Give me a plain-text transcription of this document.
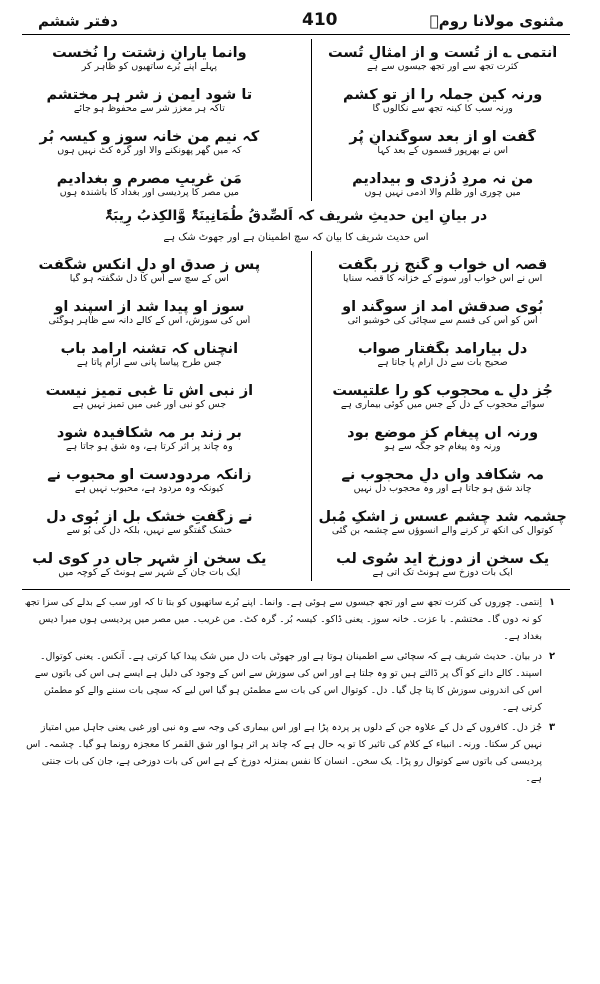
مثنوی مولانا رومؒ
410
دفتر ششم
اُنتمی ؎ از تُست و از امثالِ تُست
وانما یارانِ زشتت را نُخست
کثرت تجھ سے اور تجھ جیسوں سے ہے
پہلے اپنے بُرے ساتھیوں کو ظاہر کر
ورنہ کین جملہ را از تو کشم
تا شود ایمن ز شر ہر مختشم
ورنہ سب کا کینہ تجھ سے نکالوں گا
تاکہ ہر معزز شر سے محفوظ ہو جائے
گفت او از بعد سوگندانِ پُر
کہ نیم من خانہ سوز و کیسہ بُر
اس نے بھرپور قسموں کے بعد کہا
کہ میں گھر پھونکنے والا اور گرہ کٹ نہیں ہوں
من نہ مردِ دُزدی و بیدادیم
مَن غریبِ مصرم و بغدادیم
میں چوری اور ظلم والا آدمی نہیں ہوں
میں مصر کا پردیسی اور بغداد کا باشندہ ہوں
در بیانِ این حدیثِ شریف کہ اَلصِّدقُ طُمَانِینَۃٌ وَّالکِذبُ رِیبَۃٌ
اس حدیث شریف کا بیان کہ سچ اطمینان ہے اور جھوٹ شک ہے
قصہ آں خواب و گنجِ زر بگفت
پس ز صدقِ او دلِ آنکس شگفت
اس نے اس خواب اور سونے کے خزانہ کا قصہ سنایا
اس کے سچ سے اُس کا دل شگفتہ ہو گیا
بُوی صدقش آمد از سوگند او
سوز او پیدا شد از اسپند او
اُس کو اُس کی قسم سے سچائی کی خوشبو آئی
اُس کی سوزش، اس کے کالے دانہ سے ظاہر ہوگئی
دل بیارامد بگفتارِ صواب
آنچناں کہ تشنہ آرامد بآب
صحیح بات سے دل آرام پا جاتا ہے
جس طرح پیاسا پانی سے آرام پاتا ہے
جُز دلِ ؎ محجوب کو را علتیست
از نبی اش تا غبی تمیز نیست
سوائے محجوب کے دل کے جس میں کوئی بیماری ہے
جس کو نبی اور غبی میں تمیز نہیں ہے
ورنہ آں پیغام کز موضع بود
بر زند بر مہ شکافیدہ شود
ورنہ وہ پیغام جو جگہ سے ہو
وہ چاند پر اثر کرتا ہے، وہ شق ہو جاتا ہے
مہ شکافد واں دلِ محجوب نے
زانکہ مردودست او محبوب نے
چاند شق ہو جاتا ہے اور وہ محجوب دل نہیں
کیونکہ وہ مردود ہے، محبوب نہیں ہے
چشمہ شد چشم عسس ز اشکِ مُبل
نے زگفتِ خشک بل از بُوی دل
کوتوال کی آنکھ تر کرنے والے آنسوؤں سے چشمہ بن گئی
خشک گفتگو سے نہیں، بلکہ دل کی بُو سے
یک سخن از دوزخ آید سُوی لب
یک سخن از شہرِ جاں در کوی لب
ایک بات دوزخ سے ہونٹ تک آتی ہے
ایک بات جان کے شہر سے ہونٹ کے کوچہ میں
۱
اِنتمی۔ چوروں کی کثرت تجھ سے اور تجھ جیسوں سے ہوئی ہے۔ وانما۔ اپنے بُرے ساتھیوں کو بتا تا کہ اور سب کے بدلے کی سزا تجھ کو نہ دوں گا۔ مختشم۔ با عزت۔ خانہ سوز۔ یعنی ڈاکو۔ کیسہ بُر۔ گرہ کٹ۔ من غریب۔ میں مصر میں پردیسی ہوں میرا دیس بغداد ہے۔
۲
در بیان۔ حدیث شریف ہے کہ سچائی سے اطمینان ہوتا ہے اور جھوٹی بات دل میں شک پیدا کیا کرتی ہے۔ آنکس۔ یعنی کوتوال۔ اسپند۔ کالے دانے کو آگ پر ڈالتے ہیں تو وہ جلتا ہے اور اس کی سوزش سے اس کے وجود کی دلیل ہے ایسے ہی اس کی باتوں سے اس کی اندرونی سوزش کا پتا چل گیا۔ دل۔ کوتوال اس کی بات سے مطمئن ہو گیا اس لیے کہ سچی بات سننے والے کو مطمئن کرتی ہے۔
۳
جُز دل۔ کافروں کے دل کے علاوہ جن کے دلوں پر پردہ پڑا ہے اور اس بیماری کی وجہ سے وہ نبی اور غبی یعنی جاہل میں امتیاز نہیں کر سکتا۔ ورنہ۔ انبیاء کے کلام کی تاثیر کا تو یہ حال ہے کہ چاند پر اثر ہوا اور شق القمر کا معجزہ رونما ہو گیا۔ چشمہ۔ اس پردیسی کی باتوں سے کوتوال رو پڑا۔ یک سخن۔ انسان کا نفس بمنزلہ دوزخ کے ہے اس کی بات دوزخی ہے، جان کی بات جنتی ہے۔
